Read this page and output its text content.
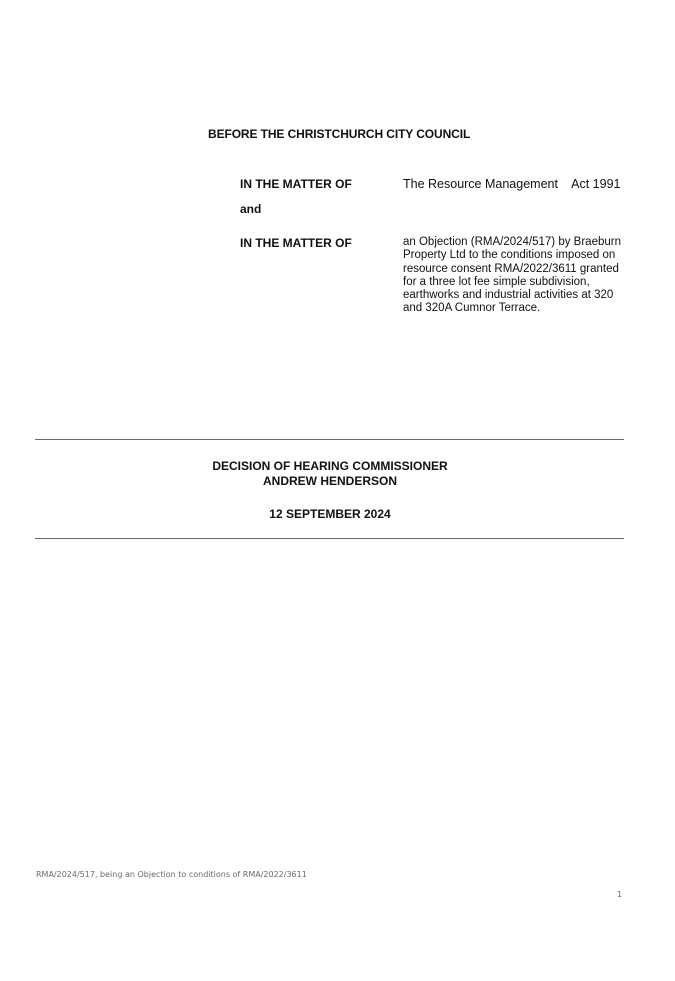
BEFORE THE CHRISTCHURCH CITY COUNCIL
IN THE MATTER OF	The Resource Management    Act 1991
and
IN THE MATTER OF	an Objection (RMA/2024/517) by Braeburn Property Ltd to the conditions imposed on resource consent RMA/2022/3611 granted for a three lot fee simple subdivision, earthworks and industrial activities at 320 and 320A Cumnor Terrace.
DECISION OF HEARING COMMISSIONER
ANDREW HENDERSON
12 SEPTEMBER 2024
RMA/2024/517, being an Objection to conditions of RMA/2022/3611
1
